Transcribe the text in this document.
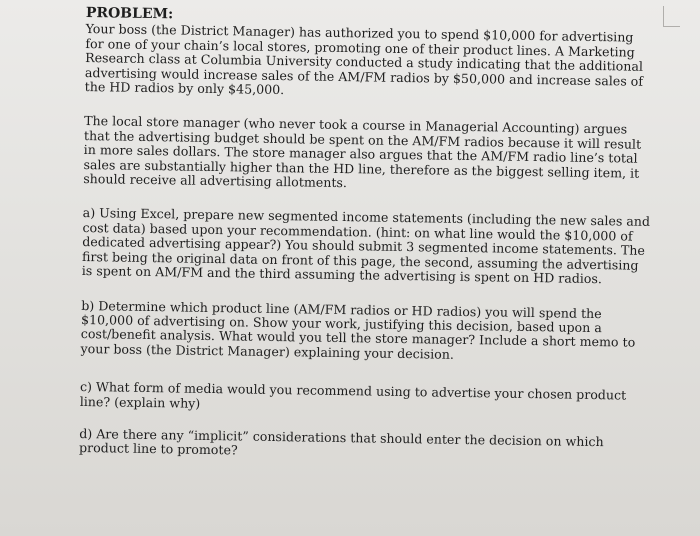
PROBLEM:

Your boss (the District Manager) has authorized you to spend $10,000 for advertising for one of your chain’s local stores, promoting one of their product lines. A Marketing Research class at Columbia University conducted a study indicating that the additional advertising would increase sales of the AM/FM radios by $50,000 and increase sales of the HD radios by only $45,000.

The local store manager (who never took a course in Managerial Accounting) argues that the advertising budget should be spent on the AM/FM radios because it will result in more sales dollars. The store manager also argues that the AM/FM radio line’s total sales are substantially higher than the HD line, therefore as the biggest selling item, it should receive all advertising allotments.

a) Using Excel, prepare new segmented income statements (including the new sales and cost data) based upon your recommendation. (hint: on what line would the $10,000 of dedicated advertising appear?) You should submit 3 segmented income statements. The first being the original data on front of this page, the second, assuming the advertising is spent on AM/FM and the third assuming the advertising is spent on HD radios.

b) Determine which product line (AM/FM radios or HD radios) you will spend the $10,000 of advertising on. Show your work, justifying this decision, based upon a cost/benefit analysis. What would you tell the store manager? Include a short memo to your boss (the District Manager) explaining your decision.

c) What form of media would you recommend using to advertise your chosen product line? (explain why)

d) Are there any “implicit” considerations that should enter the decision on which product line to promote?
